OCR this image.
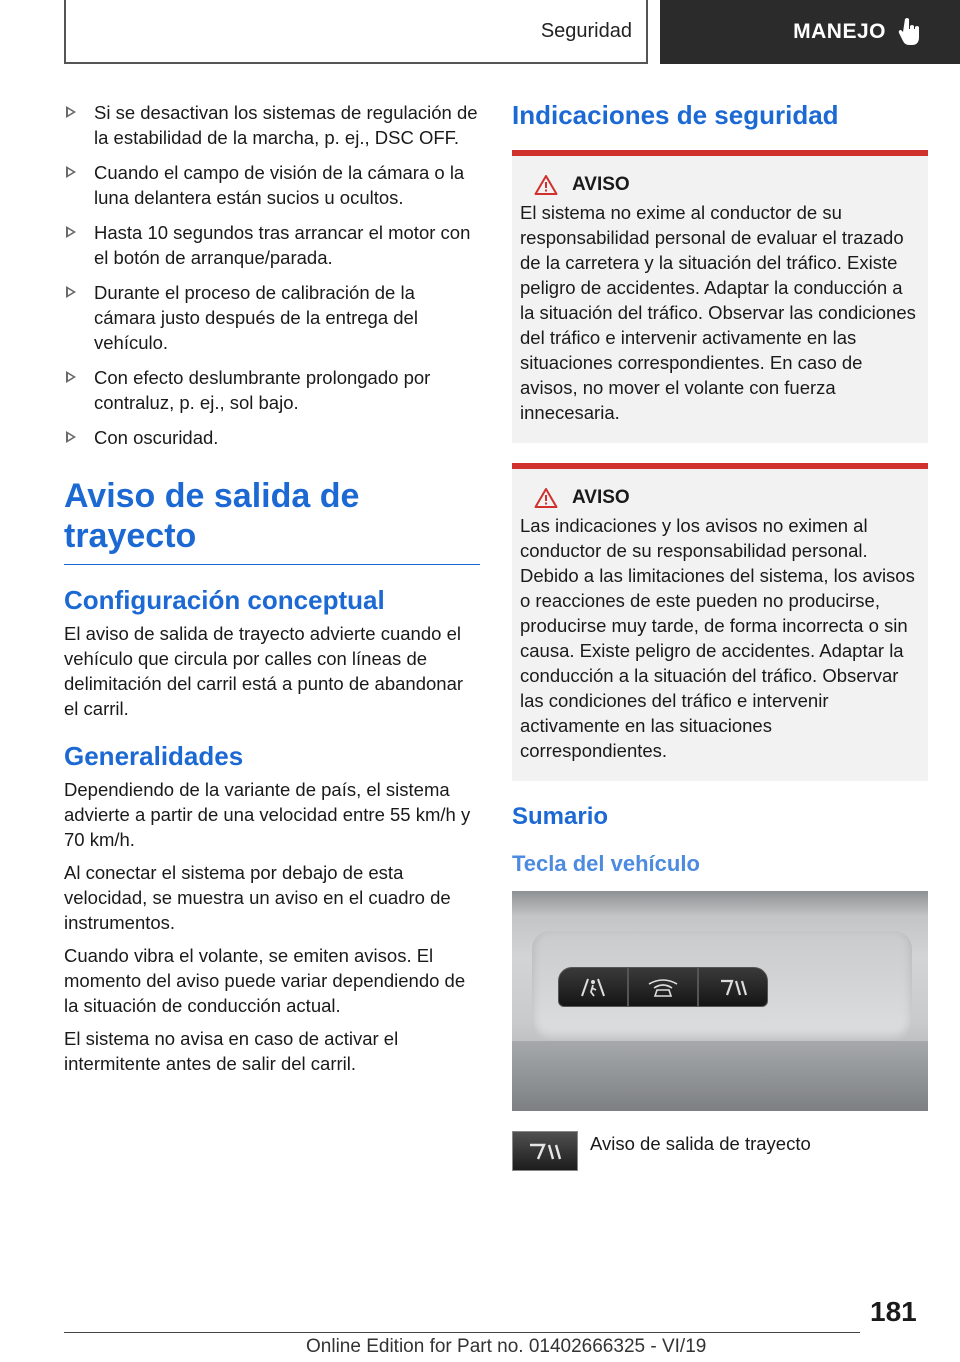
Seguridad	MANEJO
Si se desactivan los sistemas de regulación de la estabilidad de la marcha, p. ej., DSC OFF.
Cuando el campo de visión de la cámara o la luna delantera están sucios u ocultos.
Hasta 10 segundos tras arrancar el motor con el botón de arranque/parada.
Durante el proceso de calibración de la cámara justo después de la entrega del vehículo.
Con efecto deslumbrante prolongado por contraluz, p. ej., sol bajo.
Con oscuridad.
Aviso de salida de trayecto
Configuración conceptual

El aviso de salida de trayecto advierte cuando el vehículo que circula por calles con líneas de delimitación del carril está a punto de abandonar el carril.

Generalidades

Dependiendo de la variante de país, el sistema advierte a partir de una velocidad entre 55 km/h y 70 km/h.

Al conectar el sistema por debajo de esta velocidad, se muestra un aviso en el cuadro de instrumentos.

Cuando vibra el volante, se emiten avisos. El momento del aviso puede variar dependiendo de la situación de conducción actual.

El sistema no avisa en caso de activar el intermitente antes de salir del carril.

Indicaciones de seguridad
AVISO

El sistema no exime al conductor de su responsabilidad personal de evaluar el trazado de la carretera y la situación del tráfico. Existe peligro de accidentes. Adaptar la conducción a la situación del tráfico. Observar las condiciones del tráfico e intervenir activamente en las situaciones correspondientes. En caso de avisos, no mover el volante con fuerza innecesaria.

AVISO

Las indicaciones y los avisos no eximen al conductor de su responsabilidad personal. Debido a las limitaciones del sistema, los avisos o reacciones de este pueden no producirse, producirse muy tarde, de forma incorrecta o sin causa. Existe peligro de accidentes. Adaptar la conducción a la situación del tráfico. Observar las condiciones del tráfico e intervenir activamente en las situaciones correspondientes.

Sumario
Tecla del vehículo
Aviso de salida de trayecto
181
Online Edition for Part no. 01402666325 - VI/19
